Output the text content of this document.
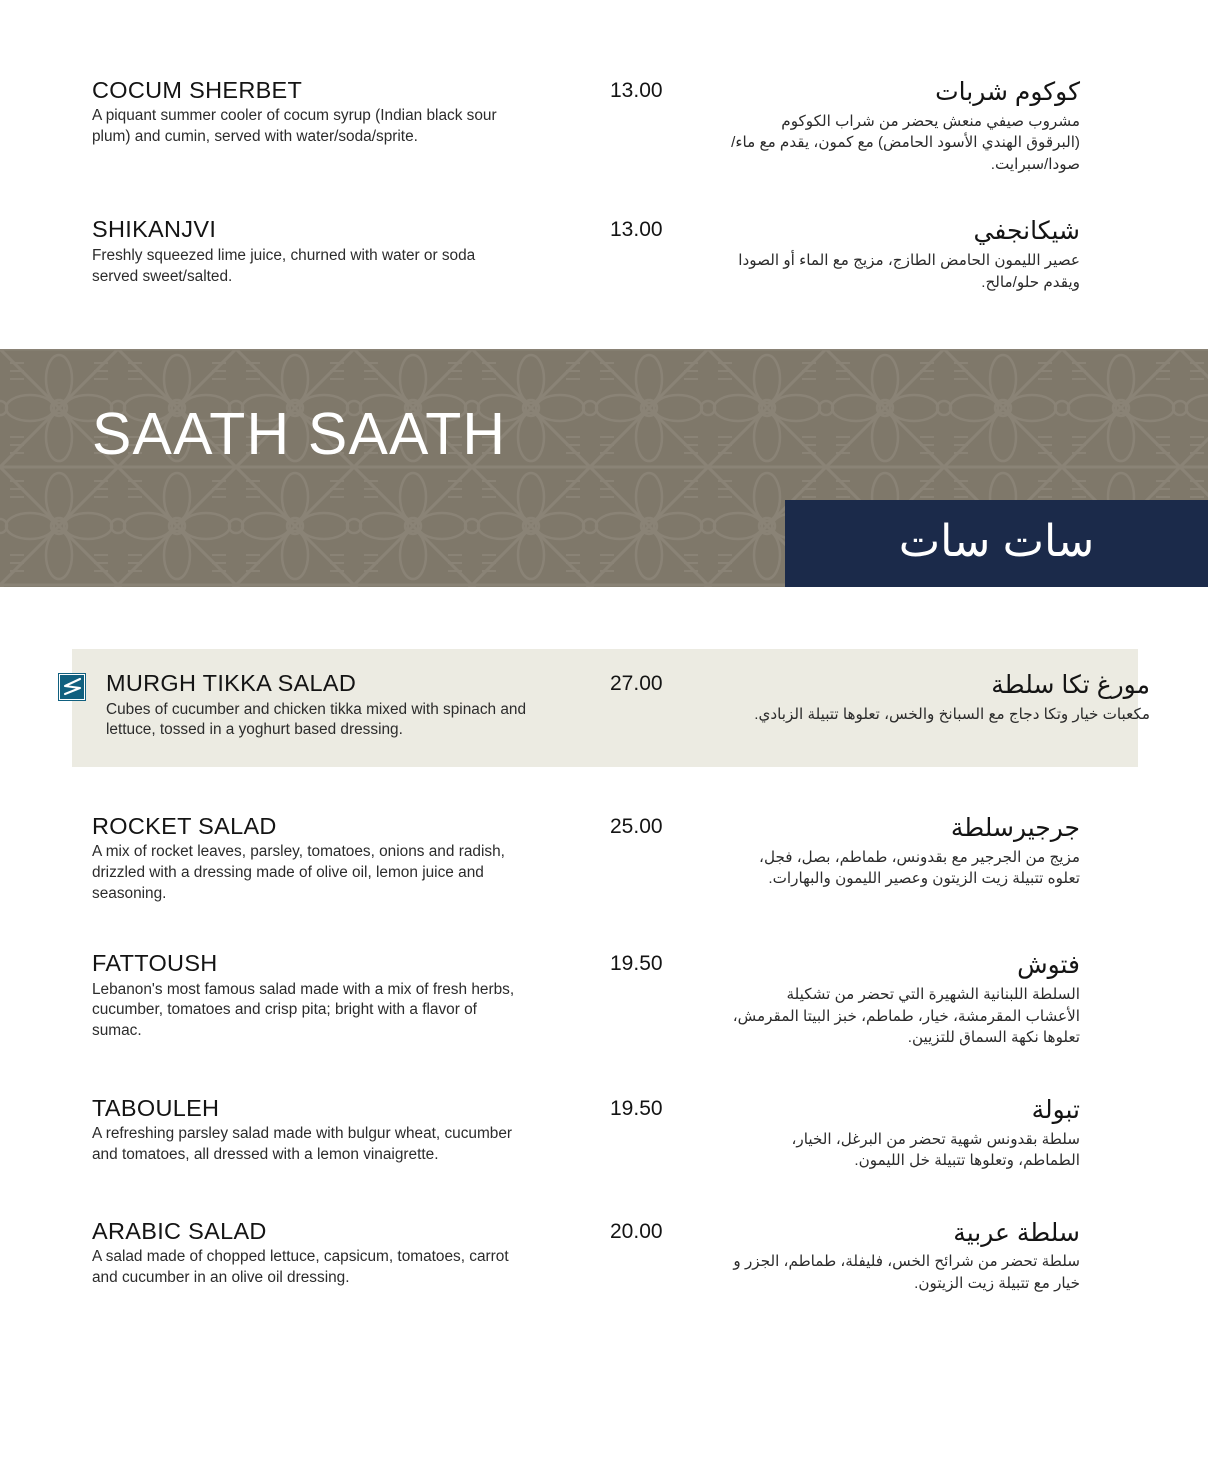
COCUM SHERBET
A piquant summer cooler of cocum syrup (Indian black sour plum) and cumin, served with water/soda/sprite.
13.00	كوكوم شربات
مشروب صيفي منعش يحضر من شراب الكوكوم (البرقوق الهندي الأسود الحامض) مع كمون، يقدم مع ماء/صودا/سبرايت.
SHIKANJVI
Freshly squeezed lime juice, churned with water or soda served sweet/salted.
13.00	شيكانجفي
عصير الليمون الحامض الطازج، مزيج مع الماء أو الصودا ويقدم حلو/مالح.
SAATH SAATH
سات سات
MURGH TIKKA SALAD
Cubes of cucumber and chicken tikka mixed with spinach and lettuce, tossed in a yoghurt based dressing.
27.00	مورغ تكا سلطة
مكعبات خيار وتكا دجاج مع السبانخ والخس، تعلوها تتبيلة الزبادي.
ROCKET SALAD
A mix of rocket leaves, parsley, tomatoes, onions and radish, drizzled with a dressing made of olive oil, lemon juice and seasoning.
25.00	جرجيرسلطة
مزيج من الجرجير مع بقدونس، طماطم، بصل، فجل، تعلوه تتبيلة زيت الزيتون وعصير الليمون والبهارات.
FATTOUSH
Lebanon's most famous salad made with a mix of fresh herbs, cucumber, tomatoes and crisp pita; bright with a flavor of sumac.
19.50	فتوش
السلطة اللبنانية الشهيرة التي تحضر من تشكيلة الأعشاب المقرمشة، خيار، طماطم، خبز البيتا المقرمش، تعلوها نكهة السماق للتزيين.
TABOULEH
A refreshing parsley salad made with bulgur wheat, cucumber and tomatoes, all dressed with a lemon vinaigrette.
19.50	تبولة
سلطة بقدونس شهية تحضر من البرغل، الخيار، الطماطم، وتعلوها تتبيلة خل الليمون.
ARABIC SALAD
A salad made of chopped lettuce, capsicum, tomatoes, carrot and cucumber in an olive oil dressing.
20.00	سلطة عربية
سلطة تحضر من شرائح الخس، فليفلة، طماطم، الجزر و خيار مع تتبيلة زيت الزيتون.
